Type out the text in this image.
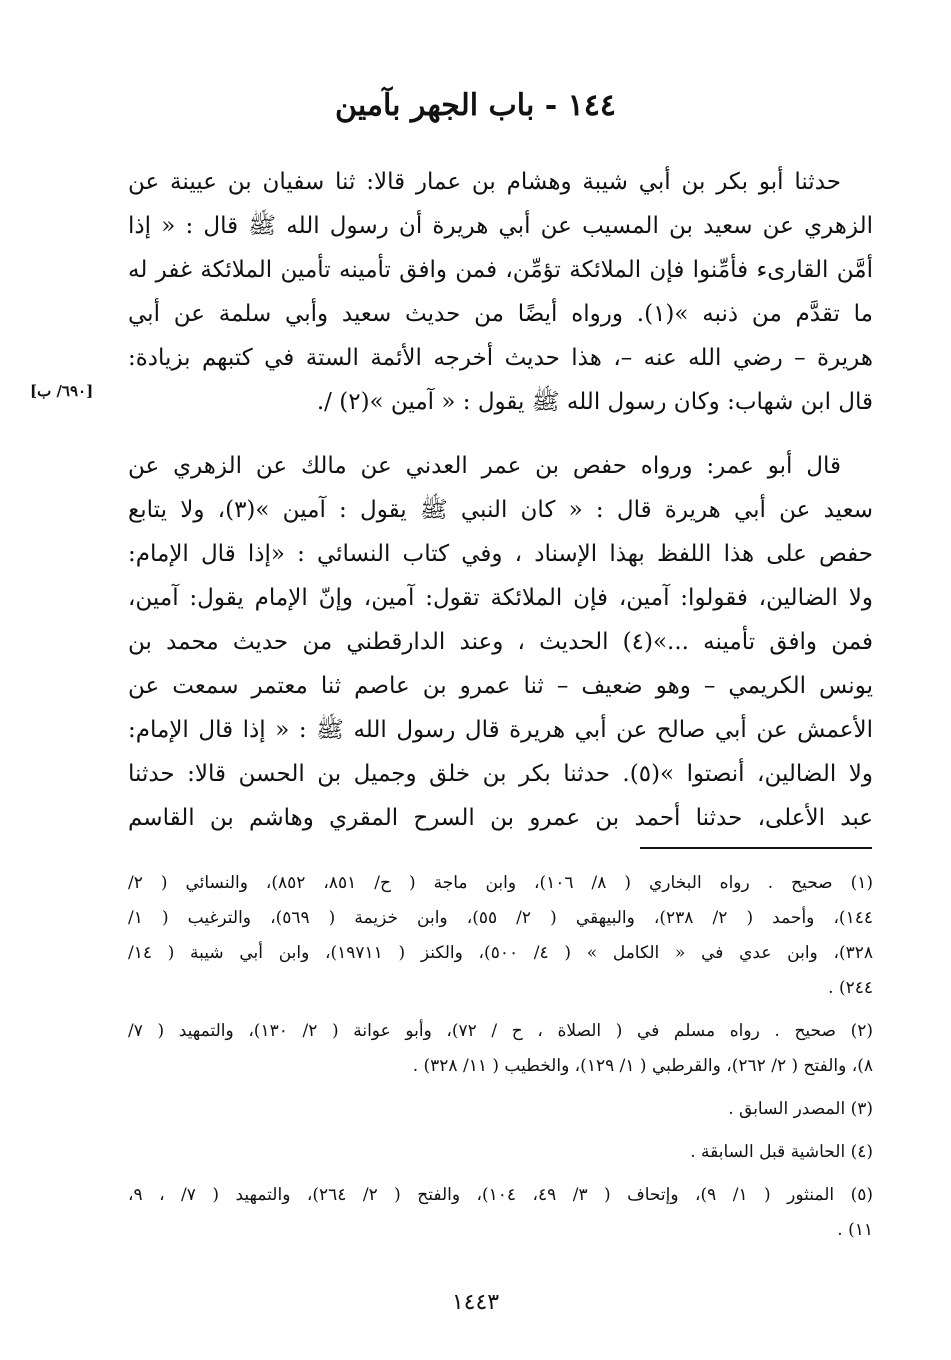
١٤٤ - باب الجهر بآمين
حدثنا أبو بكر بن أبي شيبة وهشام بن عمار قالا: ثنا سفيان بن عيينة عن
الزهري عن سعيد بن المسيب عن أبي هريرة أن رسول الله ﷺ قال : « إذا
أمَّن القارىء فأمِّنوا فإن الملائكة تؤمِّن، فمن وافق تأمينه تأمين الملائكة غفر له
ما تقدَّم من ذنبه »(١). ورواه أيضًا من حديث سعيد وأبي سلمة عن أبي
هريرة – رضي الله عنه –، هذا حديث أخرجه الأئمة الستة في كتبهم بزيادة:
قال ابن شهاب: وكان رسول الله ﷺ يقول : « آمين »(٢) /.
[٦٩٠/ ب]
قال أبو عمر: ورواه حفص بن عمر العدني عن مالك عن الزهري عن
سعيد عن أبي هريرة قال : « كان النبي ﷺ يقول : آمين »(٣)، ولا يتابع
حفص على هذا اللفظ بهذا الإسناد ، وفي كتاب النسائي : «إذا قال الإمام:
ولا الضالين، فقولوا: آمين، فإن الملائكة تقول: آمين، وإنّ الإمام يقول: آمين،
فمن وافق تأمينه ...»(٤) الحديث ، وعند الدارقطني من حديث محمد بن
يونس الكريمي – وهو ضعيف – ثنا عمرو بن عاصم ثنا معتمر سمعت عن
الأعمش عن أبي صالح عن أبي هريرة قال رسول الله ﷺ : « إذا قال الإمام:
ولا الضالين، أنصتوا »(٥). حدثنا بكر بن خلق وجميل بن الحسن قالا: حدثنا
عبد الأعلى، حدثنا أحمد بن عمرو بن السرح المقري وهاشم بن القاسم
(١) صحيح . رواه البخاري ( ٨/ ١٠٦)، وابن ماجة ( ح/ ٨٥١، ٨٥٢)، والنسائي ( ٢/
١٤٤)، وأحمد ( ٢/ ٢٣٨)، والبيهقي ( ٢/ ٥٥)، وابن خزيمة ( ٥٦٩)، والترغيب ( ١/
٣٢٨)، وابن عدي في « الكامل » ( ٤/ ٥٠٠)، والكنز ( ١٩٧١١)، وابن أبي شيبة ( ١٤/
٢٤٤) .
(٢) صحيح . رواه مسلم في ( الصلاة ، ح / ٧٢)، وأبو عوانة ( ٢/ ١٣٠)، والتمهيد ( ٧/
٨)، والفتح ( ٢/ ٢٦٢)، والقرطبي ( ١/ ١٢٩)، والخطيب ( ١١/ ٣٢٨) .
(٣) المصدر السابق .
(٤) الحاشية قبل السابقة .
(٥) المنثور ( ١/ ٩)، وإتحاف ( ٣/ ٤٩، ١٠٤)، والفتح ( ٢/ ٢٦٤)، والتمهيد ( ٧/ ، ٩،
١١) .
١٤٤٣
